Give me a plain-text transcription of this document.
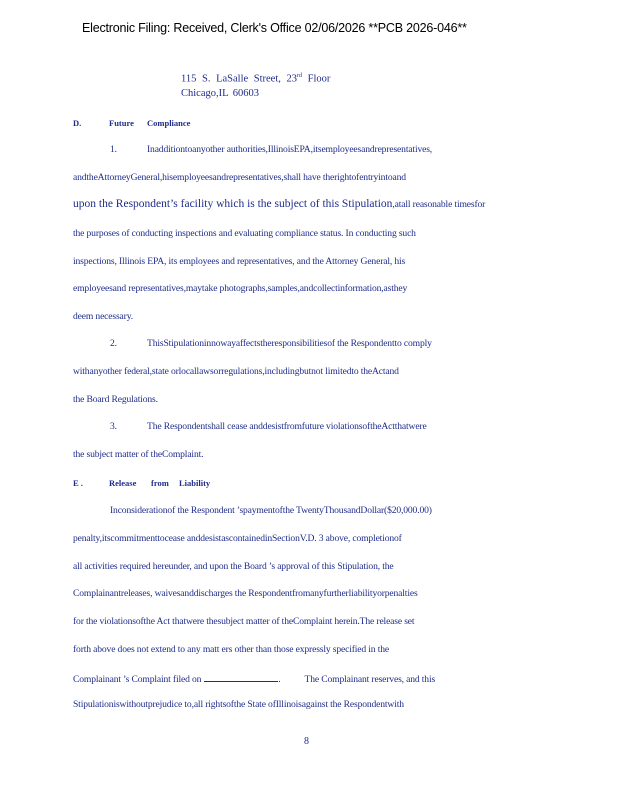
Electronic Filing: Received, Clerk's Office 02/06/2026 **PCB 2026-046**
115 S. LaSalle Street, 23rd Floor
Chicago,IL 60603
D.	Future Compliance
1.	Inadditiontoanyother authorities,IllinoisEPA,itsemployeesandrepresentatives,
andtheAttorneyGeneral,hisemployeesandrepresentatives,shall have therightofentryintoand
upon the Respondent’s facility which is the subject of this Stipulation,atall reasonable timesfor
the purposes of conducting inspections and evaluating compliance status. In conducting such
inspections, Illinois EPA, its employees and representatives, and the Attorney General, his
employeesand representatives,maytake photographs,samples,andcollectinformation,asthey
deem necessary.
2.	ThisStipulationinnowayaffectstheresponsibilitiesof the Respondentto comply
withanyother federal,state orlocallawsorregulations,includingbutnot limitedto theActand
the Board Regulations.
3.	The Respondentshall cease anddesistfromfuture violationsoftheActthatwere
the subject matter of theComplaint.
E .	Release from Liability
Inconsiderationof the Respondent ’spaymentofthe TwentyThousandDollar($20,000.00)
penalty,itscommitmenttocease anddesistascontainedinSectionV.D. 3 above, completionof
all activities required hereunder, and upon the Board ’s approval of this Stipulation, the
Complainantreleases, waivesanddischarges the Respondentfromanyfurtherliabilityorpenalties
for the violationsofthe Act thatwere thesubject matter of theComplaint herein.The release set
forth above does not extend to any matt ers other than those expressly specified in the
Complainant ’s Complaint filed on	.	The Complainant reserves, and this
Stipulationiswithoutprejudice to,all rightsofthe State ofIllinoisagainst the Respondentwith
8
